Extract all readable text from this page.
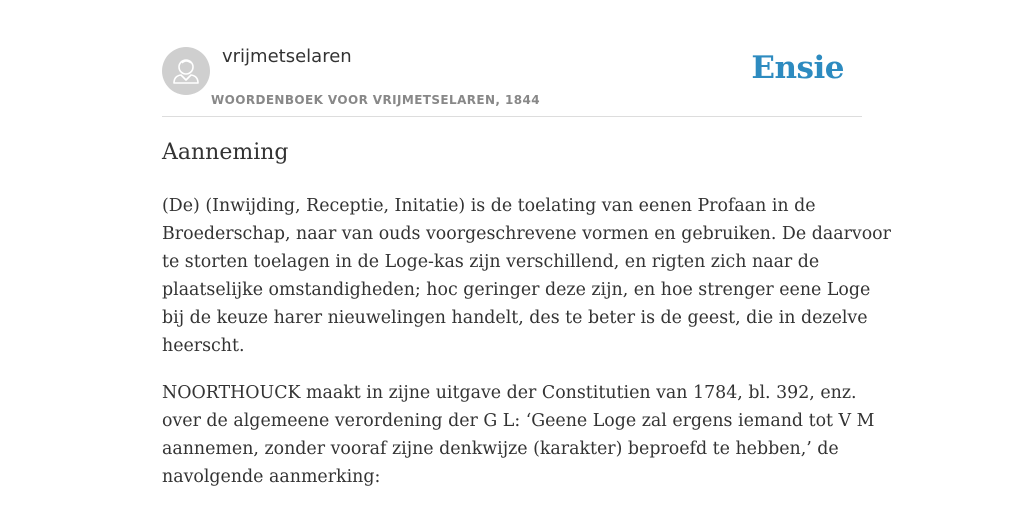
vrijmetselaren
WOORDENBOEK VOOR VRIJMETSELAREN, 1844
Ensie
Aanneming

(De) (Inwijding, Receptie, Initatie) is de toelating van eenen Profaan in de
Broederschap, naar van ouds voorgeschrevene vormen en gebruiken. De daarvoor
te storten toelagen in de Loge-kas zijn verschillend, en rigten zich naar de
plaatselijke omstandigheden; hoc geringer deze zijn, en hoe strenger eene Loge
bij de keuze harer nieuwelingen handelt, des te beter is de geest, die in dezelve
heerscht.

NOORTHOUCK maakt in zijne uitgave der Constitutien van 1784, bl. 392, enz.
over de algemeene verordening der G L: ‘Geene Loge zal ergens iemand tot V M
aannemen, zonder vooraf zijne denkwijze (karakter) beproefd te hebben,’ de
navolgende aanmerking:
